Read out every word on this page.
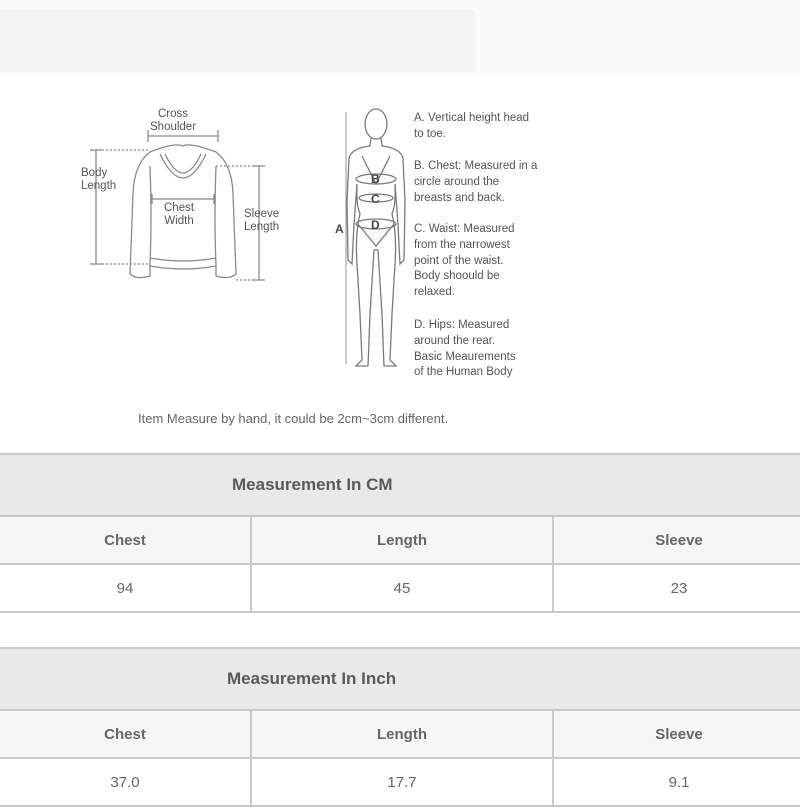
Cross
Shoulder
Body
Length
Chest
Width
Sleeve
Length	A
B
C
D
A. Vertical height head
to toe.
B. Chest: Measured in a
circle around the
breasts and back.
C. Waist: Measured
from the narrowest
point of the waist.
Body shoould be
relaxed.
D. Hips: Measured
around the rear.
Basic Meaurements
of the Human Body
Item Measure by hand, it could be 2cm~3cm different.
Measurement In CM		
Chest	Length	Sleeve
94	45	23
Measurement In Inch		
Chest	Length	Sleeve
37.0	17.7	9.1
